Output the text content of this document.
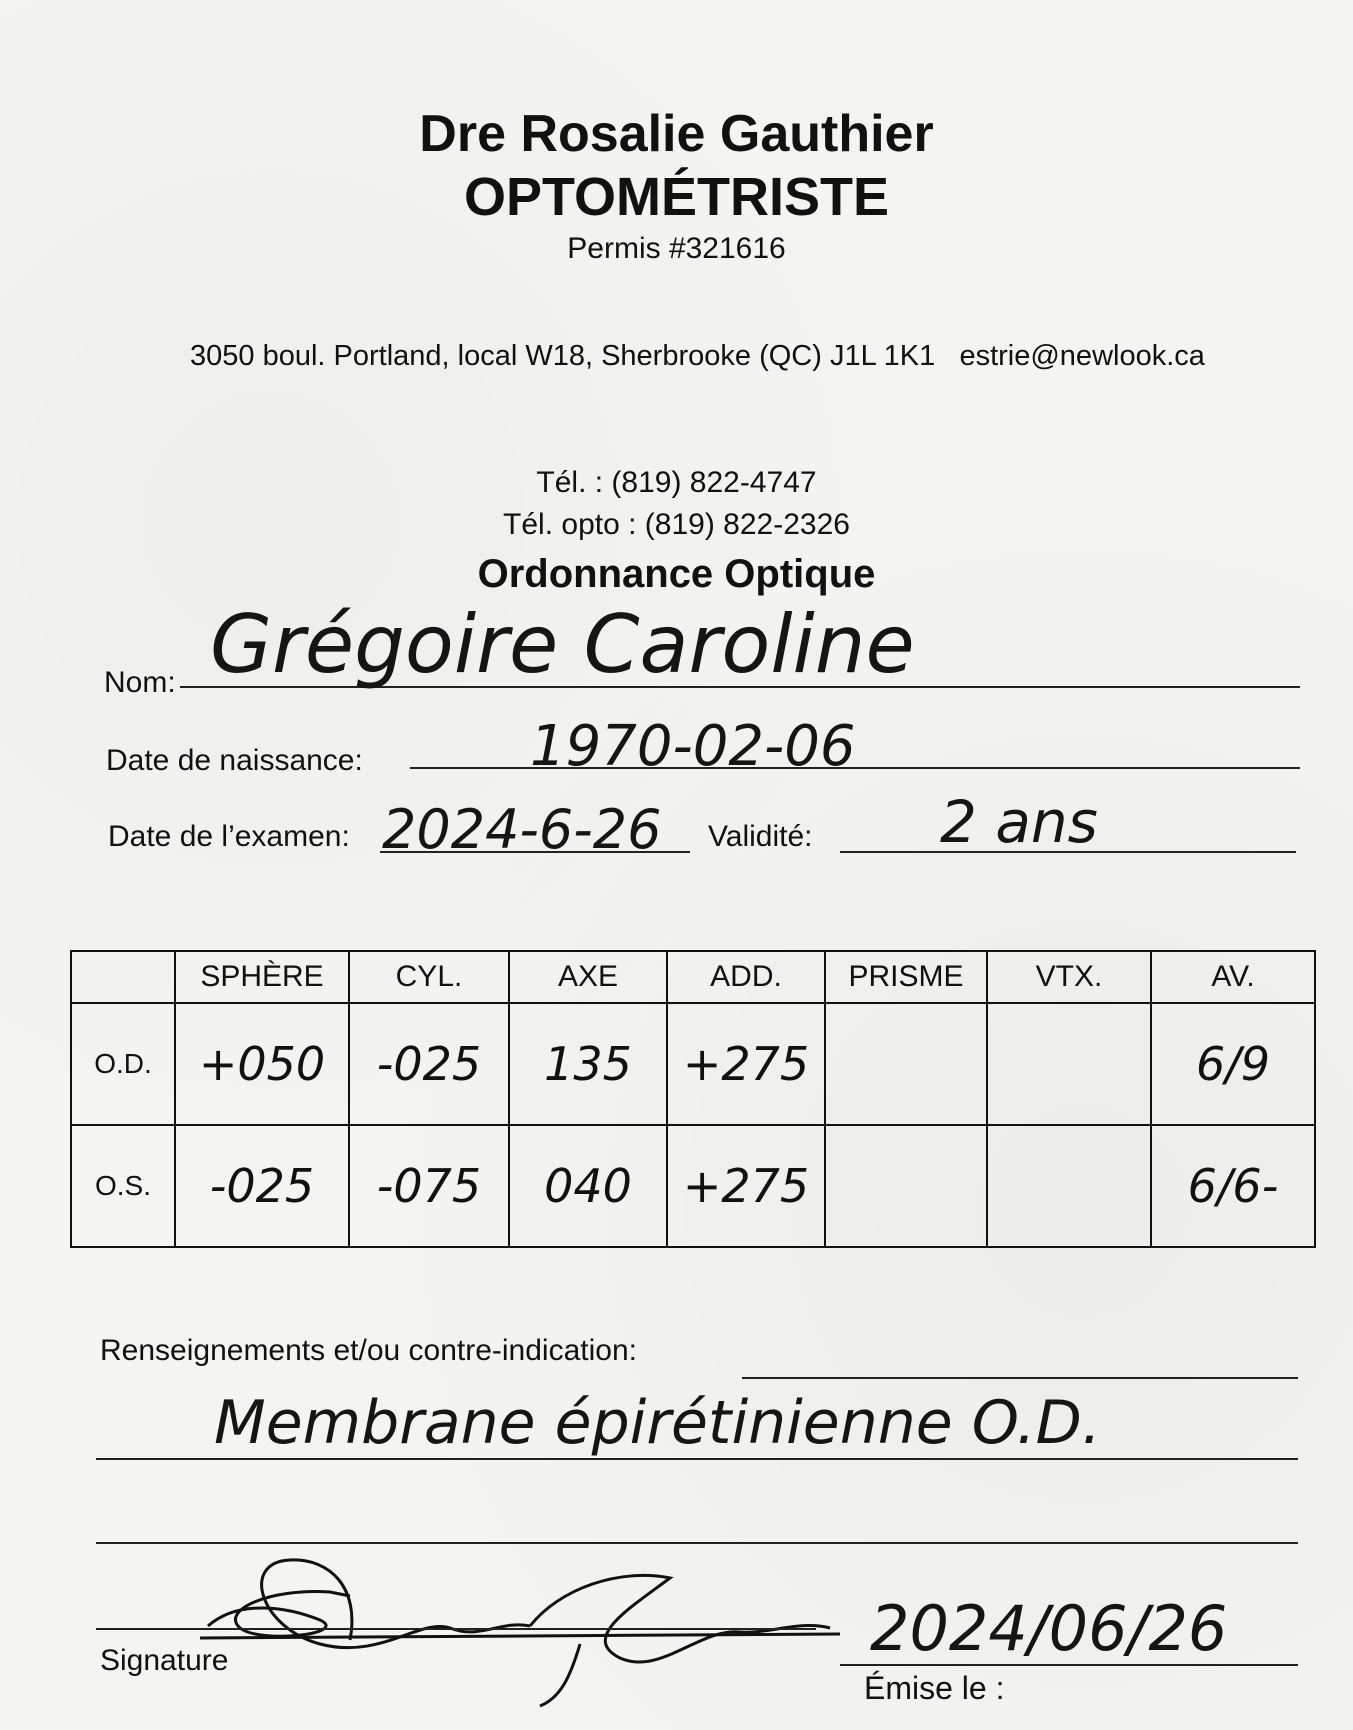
Dre Rosalie Gauthier
OPTOMÉTRISTE
Permis #321616
3050 boul. Portland, local W18, Sherbrooke (QC) J1L 1K1 estrie@newlook.ca
Tél. : (819) 822-4747
Tél. opto : (819) 822-2326
Ordonnance Optique
Nom: Grégoire Caroline
Date de naissance:	1970-02-06
Date de l’examen: 2024-6-26 Validité: 2 ans
	SPHÈRE	CYL.	AXE	ADD.	PRISME	VTX.	AV.
O.D.	+050	-025	135	+275			6/9
O.S.	-025	-075	040	+275			6/6-
Renseignements et/ou contre-indication:
Membrane épirétinienne O.D.
Signature	2024/06/26
Émise le :
